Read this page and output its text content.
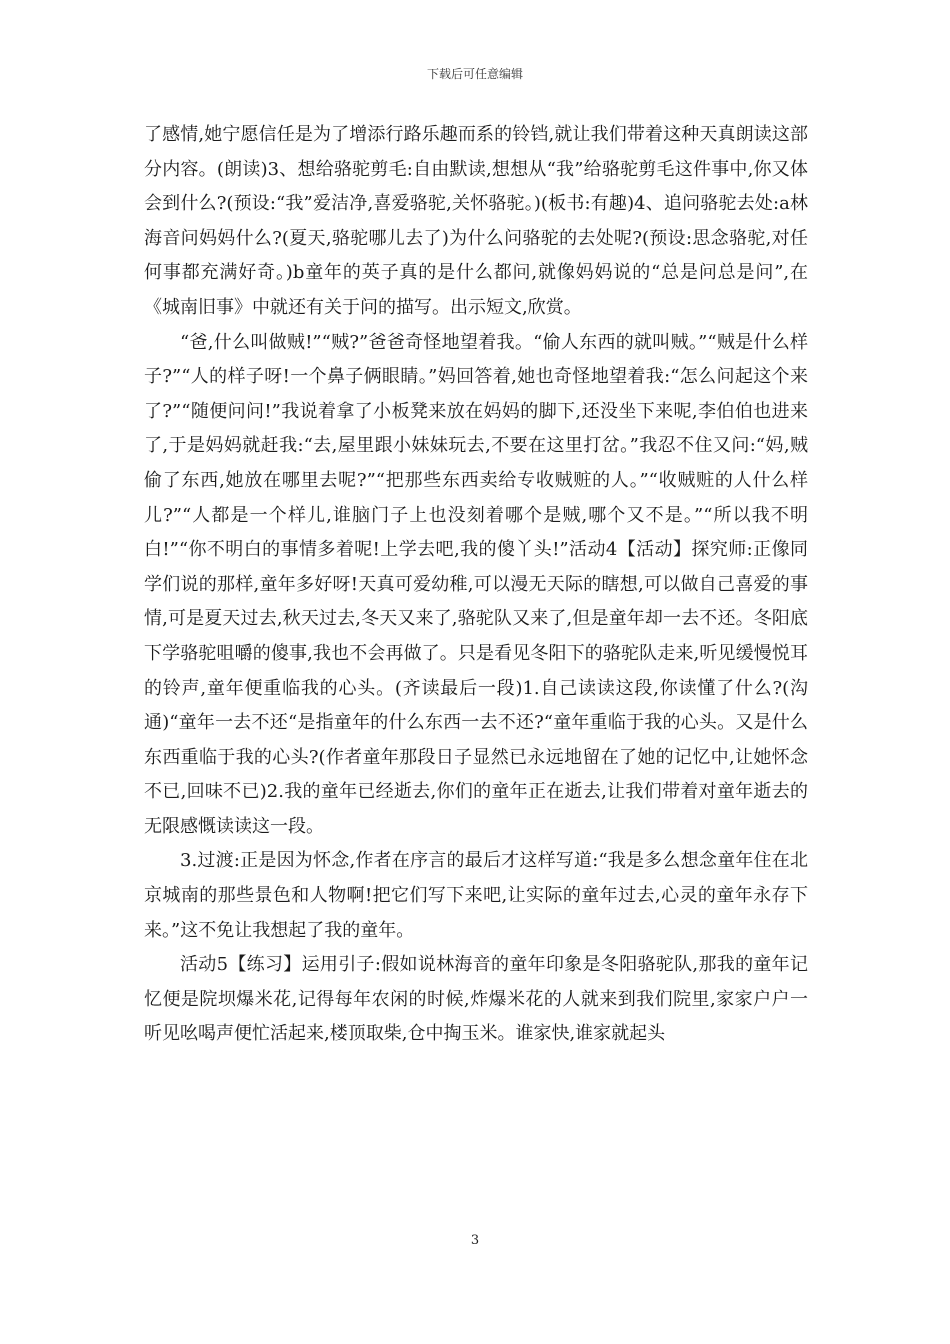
下载后可任意编辑

了感情,她宁愿信任是为了增添行路乐趣而系的铃铛,就让我们带着这种天真朗读这部分内容。(朗读)3、想给骆驼剪毛:自由默读,想想从“我”给骆驼剪毛这件事中,你又体会到什么?(预设:“我”爱洁净,喜爱骆驼,关怀骆驼。)(板书:有趣)4、追问骆驼去处:a林海音问妈妈什么?(夏天,骆驼哪儿去了)为什么问骆驼的去处呢?(预设:思念骆驼,对任何事都充满好奇。)b童年的英子真的是什么都问,就像妈妈说的“总是问总是问”,在《城南旧事》中就还有关于问的描写。出示短文,欣赏。

“爸,什么叫做贼!”“贼?”爸爸奇怪地望着我。“偷人东西的就叫贼。”“贼是什么样子?”“人的样子呀!一个鼻子俩眼睛。”妈回答着,她也奇怪地望着我:“怎么问起这个来了?”“随便问问!”我说着拿了小板凳来放在妈妈的脚下,还没坐下来呢,李伯伯也进来了,于是妈妈就赶我:“去,屋里跟小妹妹玩去,不要在这里打岔。”我忍不住又问:“妈,贼偷了东西,她放在哪里去呢?”“把那些东西卖给专收贼赃的人。”“收贼赃的人什么样儿?”“人都是一个样儿,谁脑门子上也没刻着哪个是贼,哪个又不是。”“所以我不明白!”“你不明白的事情多着呢!上学去吧,我的傻丫头!”活动4【活动】探究师:正像同学们说的那样,童年多好呀!天真可爱幼稚,可以漫无天际的瞎想,可以做自己喜爱的事情,可是夏天过去,秋天过去,冬天又来了,骆驼队又来了,但是童年却一去不还。冬阳底下学骆驼咀嚼的傻事,我也不会再做了。只是看见冬阳下的骆驼队走来,听见缓慢悦耳的铃声,童年便重临我的心头。(齐读最后一段)1.自己读读这段,你读懂了什么?(沟通)“童年一去不还“是指童年的什么东西一去不还?“童年重临于我的心头。又是什么东西重临于我的心头?(作者童年那段日子显然已永远地留在了她的记忆中,让她怀念不已,回味不已)2.我的童年已经逝去,你们的童年正在逝去,让我们带着对童年逝去的无限感慨读读这一段。

3.过渡:正是因为怀念,作者在序言的最后才这样写道:“我是多么想念童年住在北京城南的那些景色和人物啊!把它们写下来吧,让实际的童年过去,心灵的童年永存下来。”这不免让我想起了我的童年。

活动5【练习】运用引子:假如说林海音的童年印象是冬阳骆驼队,那我的童年记忆便是院坝爆米花,记得每年农闲的时候,炸爆米花的人就来到我们院里,家家户户一听见吆喝声便忙活起来,楼顶取柴,仓中掏玉米。谁家快,谁家就起头

3
